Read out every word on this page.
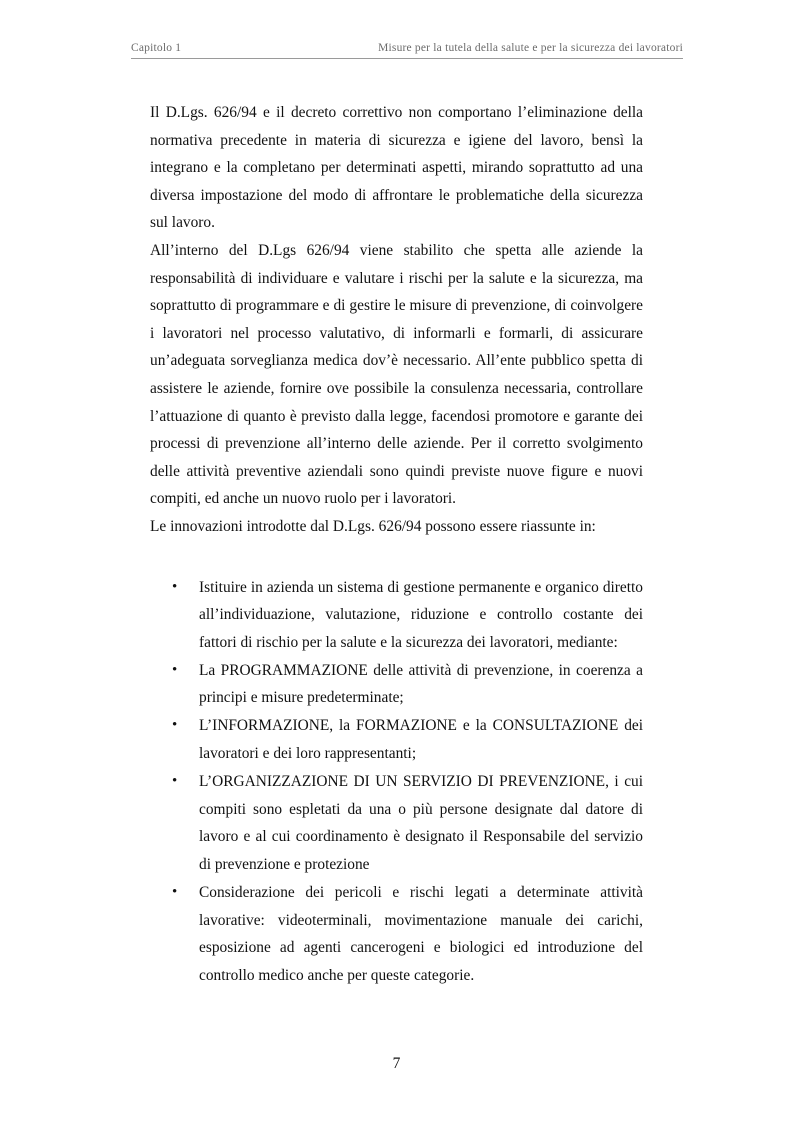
Capitolo 1	Misure per la tutela della salute e per la sicurezza dei lavoratori

Il D.Lgs. 626/94 e il decreto correttivo non comportano l’eliminazione della normativa precedente in materia di sicurezza e igiene del lavoro, bensì la integrano e la completano per determinati aspetti, mirando soprattutto ad una diversa impostazione del modo di affrontare le problematiche della sicurezza sul lavoro.

All’interno del D.Lgs 626/94 viene stabilito che spetta alle aziende la responsabilità di individuare e valutare i rischi per la salute e la sicurezza, ma soprattutto di programmare e di gestire le misure di prevenzione, di coinvolgere i lavoratori nel processo valutativo, di informarli e formarli, di assicurare un’adeguata sorveglianza medica dov’è necessario. All’ente pubblico spetta di assistere le aziende, fornire ove possibile la consulenza necessaria, controllare l’attuazione di quanto è previsto dalla legge, facendosi promotore e garante dei processi di prevenzione all’interno delle aziende. Per il corretto svolgimento delle attività preventive aziendali sono quindi previste nuove figure e nuovi compiti, ed anche un nuovo ruolo per i lavoratori.

Le innovazioni introdotte dal D.Lgs. 626/94 possono essere riassunte in:

• Istituire in azienda un sistema di gestione permanente e organico diretto all’individuazione, valutazione, riduzione e controllo costante dei fattori di rischio per la salute e la sicurezza dei lavoratori, mediante:
• La PROGRAMMAZIONE delle attività di prevenzione, in coerenza a principi e misure predeterminate;
• L’INFORMAZIONE, la FORMAZIONE e la CONSULTAZIONE dei lavoratori e dei loro rappresentanti;
• L’ORGANIZZAZIONE DI UN SERVIZIO DI PREVENZIONE, i cui compiti sono espletati da una o più persone designate dal datore di lavoro e al cui coordinamento è designato il Responsabile del servizio di prevenzione e protezione
• Considerazione dei pericoli e rischi legati a determinate attività lavorative: videoterminali, movimentazione manuale dei carichi, esposizione ad agenti cancerogeni e biologici ed introduzione del controllo medico anche per queste categorie.
7
